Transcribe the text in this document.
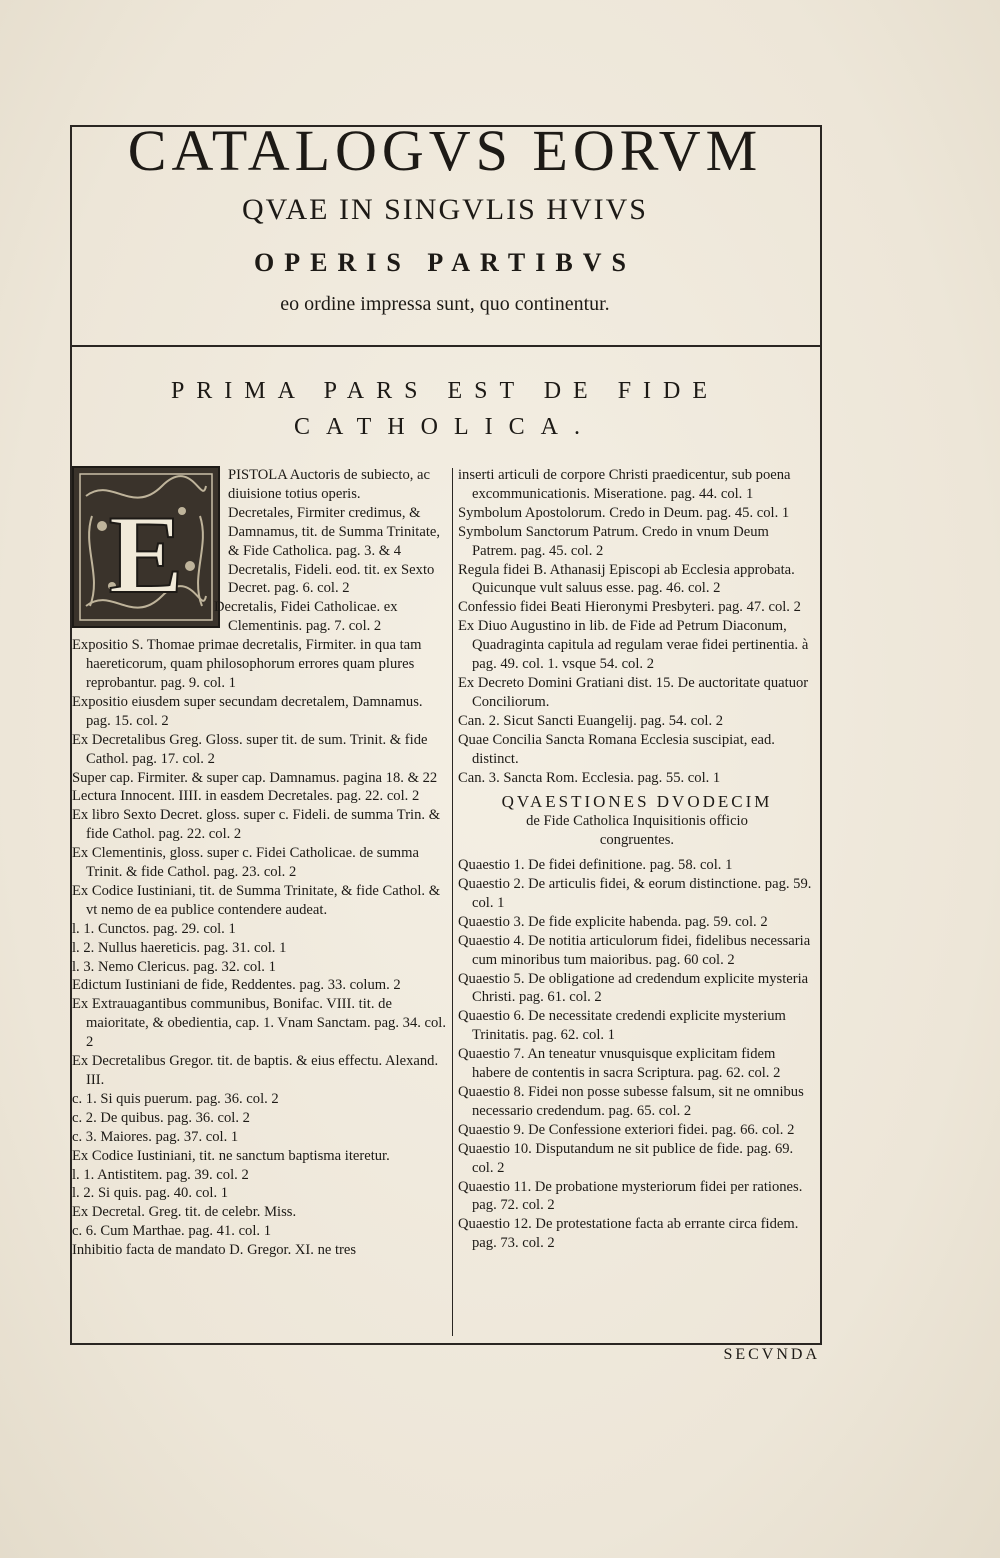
CATALOGVS EORVM
QVAE IN SINGVLIS HVIVS
OPERIS PARTIBVS
eo ordine impressa sunt, quo continentur.
PRIMA PARS EST DE FIDE
CATHOLICA.
E

PISTOLA Auctoris de subiecto, ac diuisione totius operis.

Decretales, Firmiter credimus, & Damnamus, tit. de Summa Trinitate, & Fide Catholica. pag. 3. & 4

Decretalis, Fideli. eod. tit. ex Sexto Decret. pag. 6. col. 2

Decretalis, Fidei Catholicae. ex Clementinis. pag. 7. col. 2

Expositio S. Thomae primae decretalis, Firmiter. in qua tam haereticorum, quam philosophorum errores quam plures reprobantur. pag. 9. col. 1

Expositio eiusdem super secundam decretalem, Damnamus. pag. 15. col. 2

Ex Decretalibus Greg. Gloss. super tit. de sum. Trinit. & fide Cathol. pag. 17. col. 2

Super cap. Firmiter. & super cap. Damnamus. pagina 18. & 22

Lectura Innocent. IIII. in easdem Decretales. pag. 22. col. 2

Ex libro Sexto Decret. gloss. super c. Fideli. de summa Trin. & fide Cathol. pag. 22. col. 2

Ex Clementinis, gloss. super c. Fidei Catholicae. de summa Trinit. & fide Cathol. pag. 23. col. 2

Ex Codice Iustiniani, tit. de Summa Trinitate, & fide Cathol. & vt nemo de ea publice contendere audeat.

l. 1. Cunctos. pag. 29. col. 1

l. 2. Nullus haereticis. pag. 31. col. 1

l. 3. Nemo Clericus. pag. 32. col. 1

Edictum Iustiniani de fide, Reddentes. pag. 33. colum. 2

Ex Extrauagantibus communibus, Bonifac. VIII. tit. de maioritate, & obedientia, cap. 1. Vnam Sanctam. pag. 34. col. 2

Ex Decretalibus Gregor. tit. de baptis. & eius effectu. Alexand. III.

c. 1. Si quis puerum. pag. 36. col. 2

c. 2. De quibus. pag. 36. col. 2

c. 3. Maiores. pag. 37. col. 1

Ex Codice Iustiniani, tit. ne sanctum baptisma iteretur.

l. 1. Antistitem. pag. 39. col. 2

l. 2. Si quis. pag. 40. col. 1

Ex Decretal. Greg. tit. de celebr. Miss.

c. 6. Cum Marthae. pag. 41. col. 1

Inhibitio facta de mandato D. Gregor. XI. ne tres

inserti articuli de corpore Christi praedicentur, sub poena excommunicationis. Miseratione. pag. 44. col. 1

Symbolum Apostolorum. Credo in Deum. pag. 45. col. 1

Symbolum Sanctorum Patrum. Credo in vnum Deum Patrem. pag. 45. col. 2

Regula fidei B. Athanasij Episcopi ab Ecclesia approbata. Quicunque vult saluus esse. pag. 46. col. 2

Confessio fidei Beati Hieronymi Presbyteri. pag. 47. col. 2

Ex Diuo Augustino in lib. de Fide ad Petrum Diaconum, Quadraginta capitula ad regulam verae fidei pertinentia. à pag. 49. col. 1. vsque 54. col. 2

Ex Decreto Domini Gratiani dist. 15. De auctoritate quatuor Conciliorum.

Can. 2. Sicut Sancti Euangelij. pag. 54. col. 2

Quae Concilia Sancta Romana Ecclesia suscipiat, ead. distinct.

Can. 3. Sancta Rom. Ecclesia. pag. 55. col. 1

QVAESTIONES DVODECIM

de Fide Catholica Inquisitionis officio

congruentes.

Quaestio 1. De fidei definitione. pag. 58. col. 1

Quaestio 2. De articulis fidei, & eorum distinctione. pag. 59. col. 1

Quaestio 3. De fide explicite habenda. pag. 59. col. 2

Quaestio 4. De notitia articulorum fidei, fidelibus necessaria cum minoribus tum maioribus. pag. 60 col. 2

Quaestio 5. De obligatione ad credendum explicite mysteria Christi. pag. 61. col. 2

Quaestio 6. De necessitate credendi explicite mysterium Trinitatis. pag. 62. col. 1

Quaestio 7. An teneatur vnusquisque explicitam fidem habere de contentis in sacra Scriptura. pag. 62. col. 2

Quaestio 8. Fidei non posse subesse falsum, sit ne omnibus necessario credendum. pag. 65. col. 2

Quaestio 9. De Confessione exteriori fidei. pag. 66. col. 2

Quaestio 10. Disputandum ne sit publice de fide. pag. 69. col. 2

Quaestio 11. De probatione mysteriorum fidei per rationes. pag. 72. col. 2

Quaestio 12. De protestatione facta ab errante circa fidem. pag. 73. col. 2

SECVNDA
